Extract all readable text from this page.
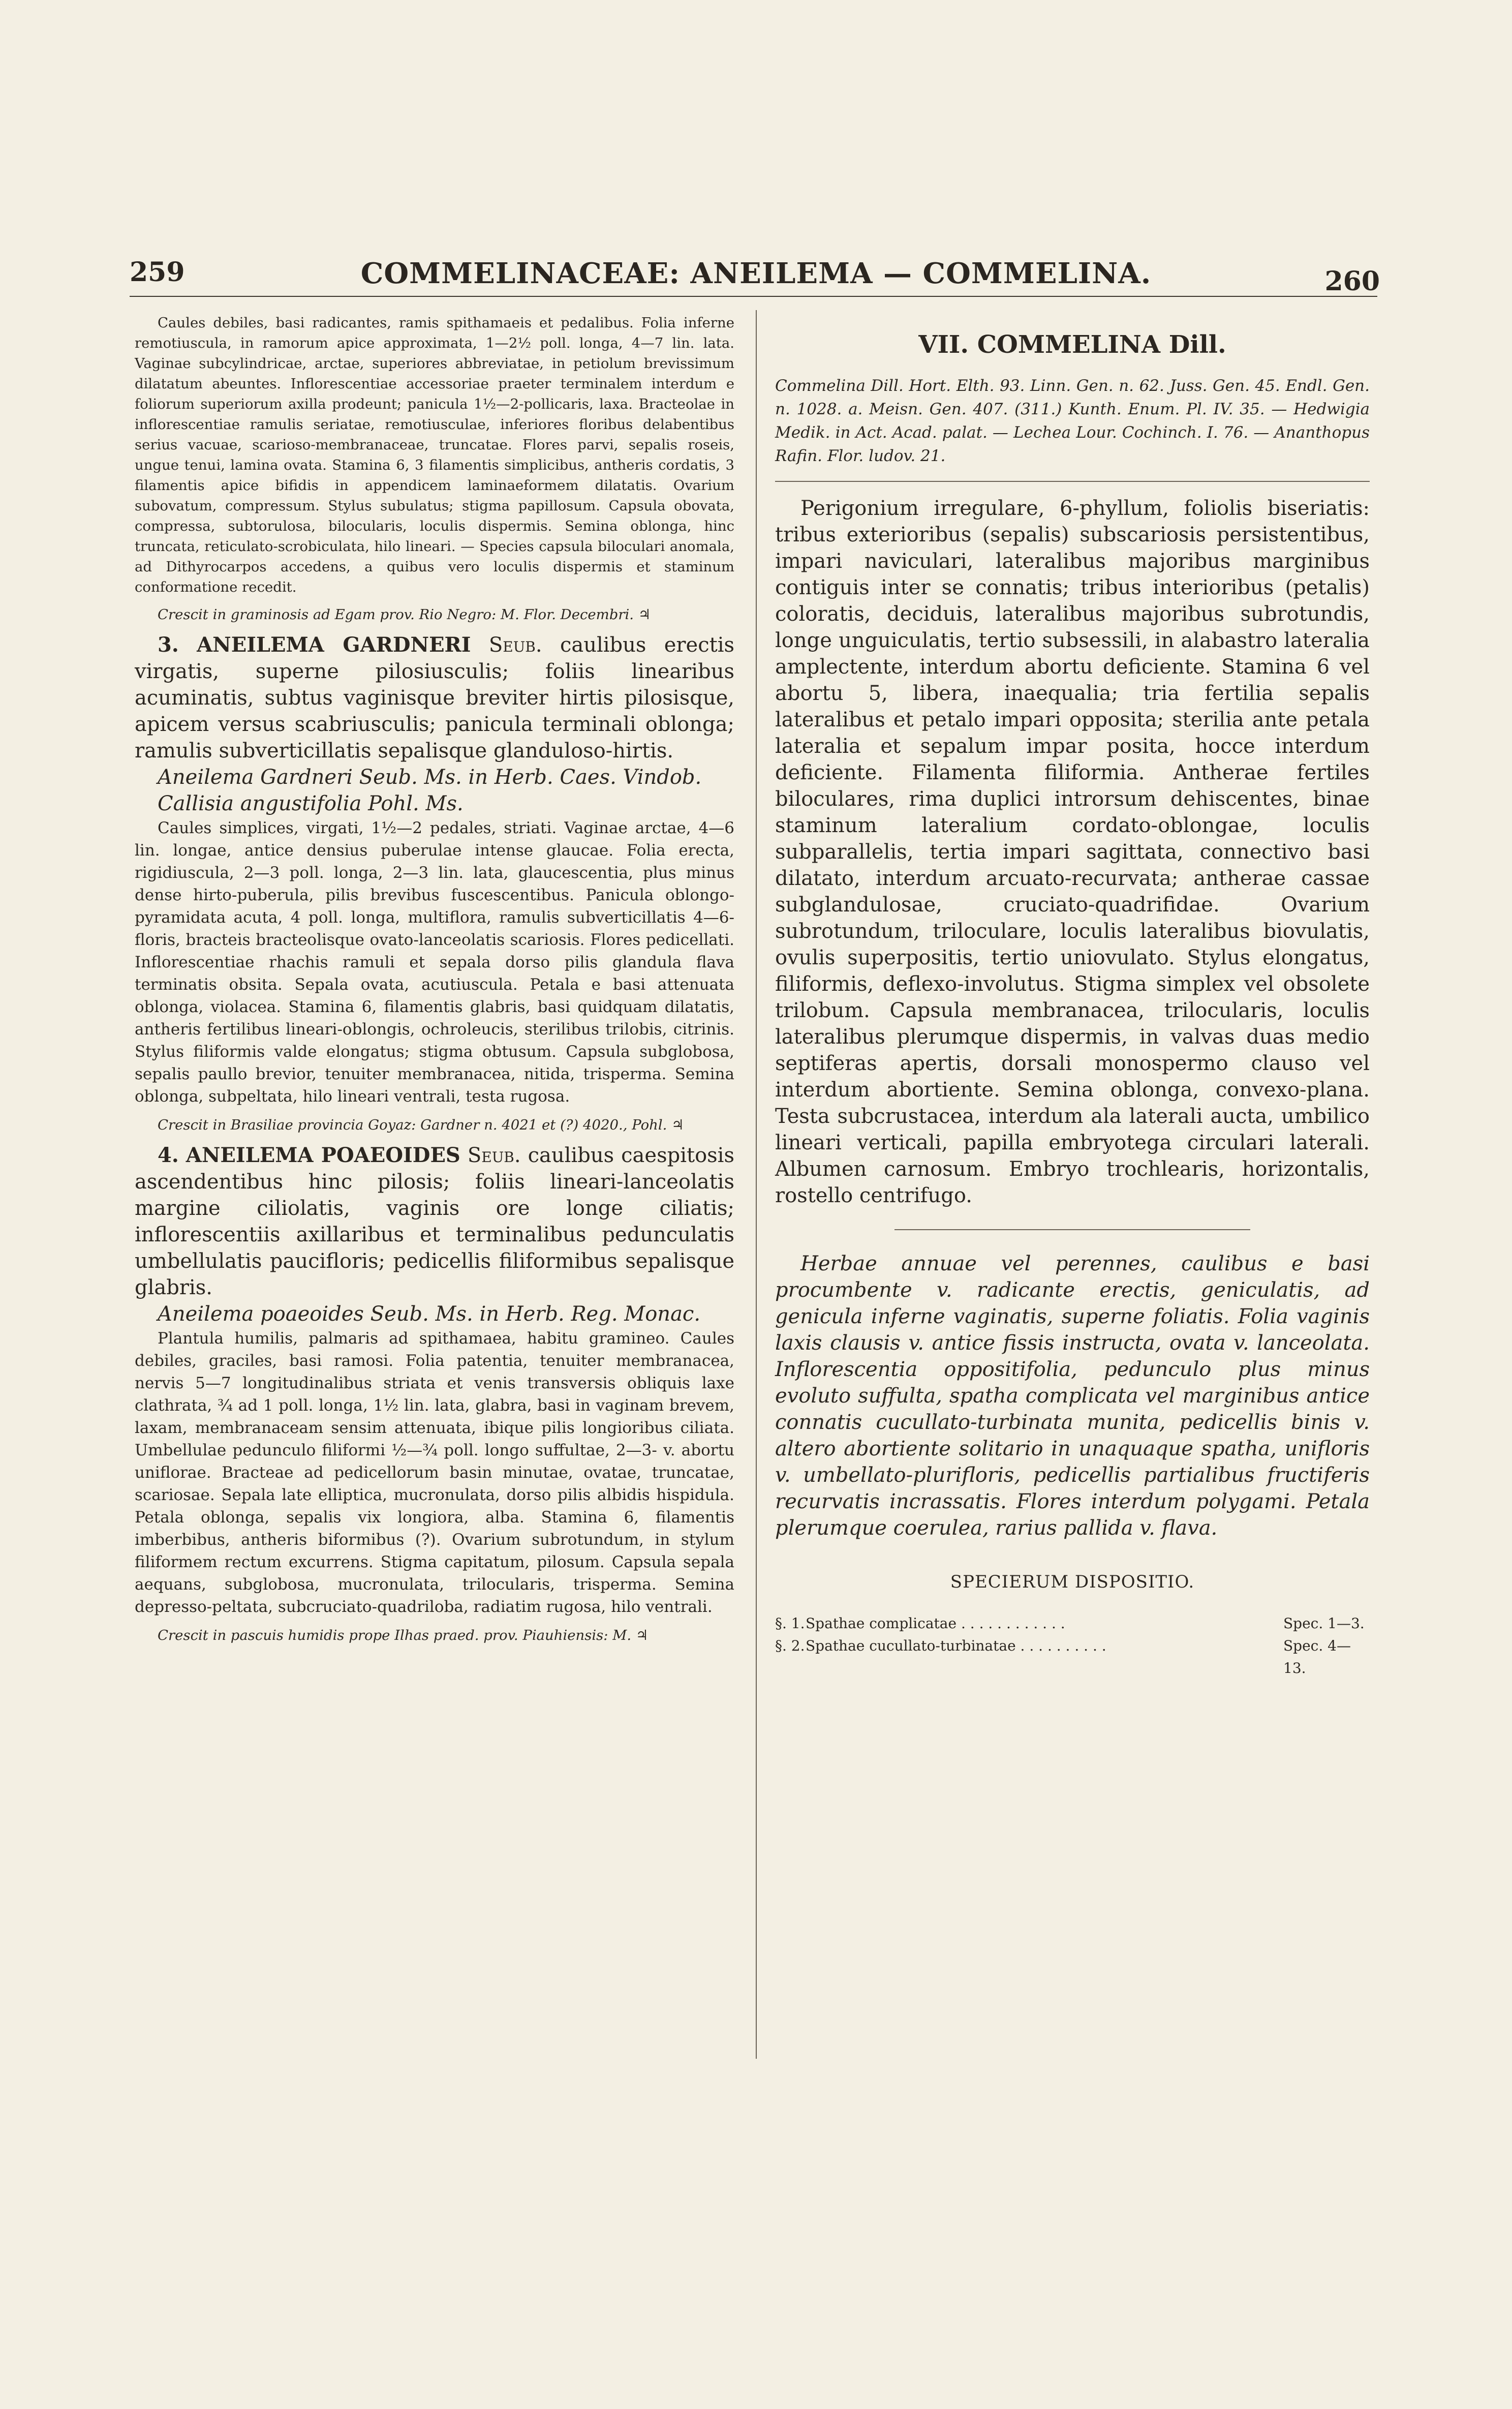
259	COMMELINACEAE: ANEILEMA — COMMELINA.	260

Caules debiles, basi radicantes, ramis spithamaeis et pedalibus. Folia inferne remotiuscula, in ramorum apice approximata, 1—2½ poll. longa, 4—7 lin. lata. Vaginae subcylindricae, arctae, superiores abbreviatae, in petiolum brevissimum dilatatum abeuntes. Inflorescentiae accessoriae praeter terminalem interdum e foliorum superiorum axilla prodeunt; panicula 1½—2-pollicaris, laxa. Bracteolae in inflorescentiae ramulis seriatae, remotiusculae, inferiores floribus delabentibus serius vacuae, scarioso-membranaceae, truncatae. Flores parvi, sepalis roseis, ungue tenui, lamina ovata. Stamina 6, 3 filamentis simplicibus, antheris cordatis, 3 filamentis apice bifidis in appendicem laminaeformem dilatatis. Ovarium subovatum, compressum. Stylus subulatus; stigma papillosum. Capsula obovata, compressa, subtorulosa, bilocularis, loculis dispermis. Semina oblonga, hinc truncata, reticulato-scrobiculata, hilo lineari. — Species capsula biloculari anomala, ad Dithyrocarpos accedens, a quibus vero loculis dispermis et staminum conformatione recedit.

Crescit in graminosis ad Egam prov. Rio Negro: M. Flor. Decembri. ♃

3. ANEILEMA GARDNERI Seub. caulibus erectis virgatis, superne pilosiusculis; foliis linearibus acuminatis, subtus vaginisque breviter hirtis pilosisque, apicem versus scabriusculis; panicula terminali oblonga; ramulis subverticillatis sepalisque glanduloso-hirtis.

Aneilema Gardneri Seub. Ms. in Herb. Caes. Vindob.

Callisia angustifolia Pohl. Ms.

Caules simplices, virgati, 1½—2 pedales, striati. Vaginae arctae, 4—6 lin. longae, antice densius puberulae intense glaucae. Folia erecta, rigidiuscula, 2—3 poll. longa, 2—3 lin. lata, glaucescentia, plus minus dense hirto-puberula, pilis brevibus fuscescentibus. Panicula oblongo-pyramidata acuta, 4 poll. longa, multiflora, ramulis subverticillatis 4—6-floris, bracteis bracteolisque ovato-lanceolatis scariosis. Flores pedicellati. Inflorescentiae rhachis ramuli et sepala dorso pilis glandula flava terminatis obsita. Sepala ovata, acutiuscula. Petala e basi attenuata oblonga, violacea. Stamina 6, filamentis glabris, basi quidquam dilatatis, antheris fertilibus lineari-oblongis, ochroleucis, sterilibus trilobis, citrinis. Stylus filiformis valde elongatus; stigma obtusum. Capsula subglobosa, sepalis paullo brevior, tenuiter membranacea, nitida, trisperma. Semina oblonga, subpeltata, hilo lineari ventrali, testa rugosa.

Crescit in Brasiliae provincia Goyaz: Gardner n. 4021 et (?) 4020., Pohl. ♃

4. ANEILEMA POAEOIDES Seub. caulibus caespitosis ascendentibus hinc pilosis; foliis lineari-lanceolatis margine ciliolatis, vaginis ore longe ciliatis; inflorescentiis axillaribus et terminalibus pedunculatis umbellulatis paucifloris; pedicellis filiformibus sepalisque glabris.

Aneilema poaeoides Seub. Ms. in Herb. Reg. Monac.

Plantula humilis, palmaris ad spithamaea, habitu gramineo. Caules debiles, graciles, basi ramosi. Folia patentia, tenuiter membranacea, nervis 5—7 longitudinalibus striata et venis transversis obliquis laxe clathrata, ¾ ad 1 poll. longa, 1½ lin. lata, glabra, basi in vaginam brevem, laxam, membranaceam sensim attenuata, ibique pilis longioribus ciliata. Umbellulae pedunculo filiformi ½—¾ poll. longo suffultae, 2—3- v. abortu uniflorae. Bracteae ad pedicellorum basin minutae, ovatae, truncatae, scariosae. Sepala late elliptica, mucronulata, dorso pilis albidis hispidula. Petala oblonga, sepalis vix longiora, alba. Stamina 6, filamentis imberbibus, antheris biformibus (?). Ovarium subrotundum, in stylum filiformem rectum excurrens. Stigma capitatum, pilosum. Capsula sepala aequans, subglobosa, mucronulata, trilocularis, trisperma. Semina depresso-peltata, subcruciato-quadriloba, radiatim rugosa, hilo ventrali.

Crescit in pascuis humidis prope Ilhas praed. prov. Piauhiensis: M. ♃

VII. COMMELINA Dill.

Commelina Dill. Hort. Elth. 93. Linn. Gen. n. 62. Juss. Gen. 45. Endl. Gen. n. 1028. a. Meisn. Gen. 407. (311.) Kunth. Enum. Pl. IV. 35. — Hedwigia Medik. in Act. Acad. palat. — Lechea Lour. Cochinch. I. 76. — Ananthopus Rafin. Flor. ludov. 21.

Perigonium irregulare, 6-phyllum, foliolis biseriatis: tribus exterioribus (sepalis) subscariosis persistentibus, impari naviculari, lateralibus majoribus marginibus contiguis inter se connatis; tribus interioribus (petalis) coloratis, deciduis, lateralibus majoribus subrotundis, longe unguiculatis, tertio subsessili, in alabastro lateralia amplectente, interdum abortu deficiente. Stamina 6 vel abortu 5, libera, inaequalia; tria fertilia sepalis lateralibus et petalo impari opposita; sterilia ante petala lateralia et sepalum impar posita, hocce interdum deficiente. Filamenta filiformia. Antherae fertiles biloculares, rima duplici introrsum dehiscentes, binae staminum lateralium cordato-oblongae, loculis subparallelis, tertia impari sagittata, connectivo basi dilatato, interdum arcuato-recurvata; antherae cassae subglandulosae, cruciato-quadrifidae. Ovarium subrotundum, triloculare, loculis lateralibus biovulatis, ovulis superpositis, tertio uniovulato. Stylus elongatus, filiformis, deflexo-involutus. Stigma simplex vel obsolete trilobum. Capsula membranacea, trilocularis, loculis lateralibus plerumque dispermis, in valvas duas medio septiferas apertis, dorsali monospermo clauso vel interdum abortiente. Semina oblonga, convexo-plana. Testa subcrustacea, interdum ala laterali aucta, umbilico lineari verticali, papilla embryotega circulari laterali. Albumen carnosum. Embryo trochlearis, horizontalis, rostello centrifugo.

Herbae annuae vel perennes, caulibus e basi procumbente v. radicante erectis, geniculatis, ad genicula inferne vaginatis, superne foliatis. Folia vaginis laxis clausis v. antice fissis instructa, ovata v. lanceolata. Inflorescentia oppositifolia, pedunculo plus minus evoluto suffulta, spatha complicata vel marginibus antice connatis cucullato-turbinata munita, pedicellis binis v. altero abortiente solitario in unaquaque spatha, unifloris v. umbellato-plurifloris, pedicellis partialibus fructiferis recurvatis incrassatis. Flores interdum polygami. Petala plerumque coerulea, rarius pallida v. flava.

SPECIERUM DISPOSITIO.

§. 1. Spathae complicatae . . . . . . . . . . . .	Spec. 1—3.
§. 2. Spathae cucullato-turbinatae . . . . . . . . . .	Spec. 4—13.
